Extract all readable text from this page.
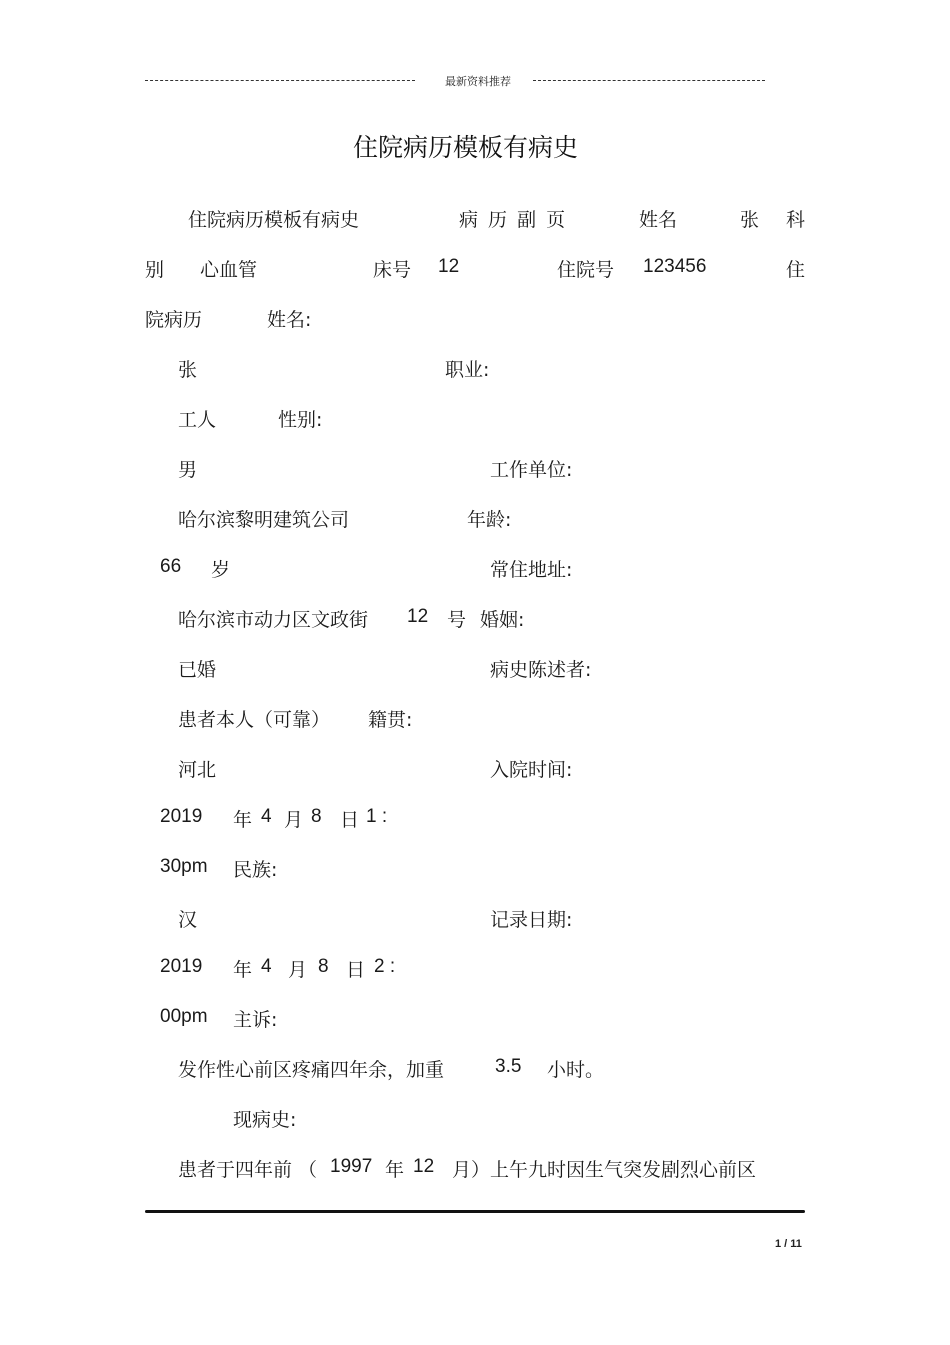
最新资料推荐
住院病历模板有病史
住院病历模板有病史	病 历 副 页	姓名	张 科
别 心血管	床号 12	住院号 123456	住
院病历	姓名:
张	职业:
工人	性别:
男	工作单位:
哈尔滨黎明建筑公司	年龄:
66 岁	常住地址:
哈尔滨市动力区文政街 12 号 婚姻:
已婚	病史陈述者:
患者本人（可靠） 籍贯:
河北	入院时间:
2019 年 4 月 8 日 1 :
30pm 民族:
汉	记录日期:
2019 年 4 月 8 日 2 :
00pm 主诉:
发作性心前区疼痛四年余，加重	3.5 小时。
现病史:
患者于四年前 （ 1997 年 12 月）上午九时因生气突发剧烈心前区
1 / 11
